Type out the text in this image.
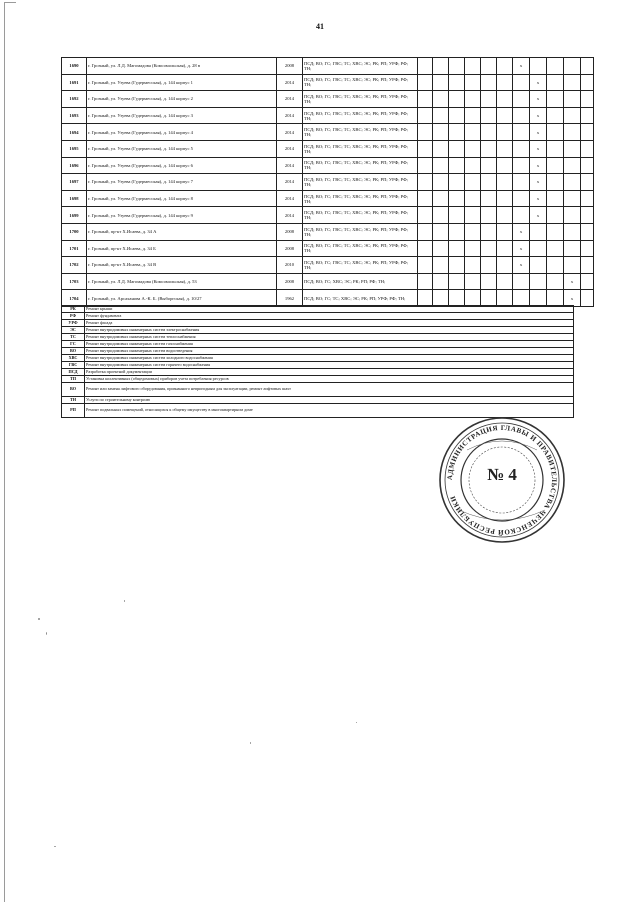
41
1690	г. Грозный, ул. Л.Д. Магомадова (Комсомольская), д. 28 в	2008	ПСД; ВО; ГС; ГВС; ТС; ХВС; ЭС; РК; РП; УРФ; РФ; ТН;							x				
1691	г. Грозный, ул. Узуева (Гудермесская), д. 144 корпус 1	2014	ПСД; ВО; ГС; ГВС; ТС; ХВС; ЭС; РК; РП; УРФ; РФ; ТН;								x			
1692	г. Грозный, ул. Узуева (Гудермесская), д. 144 корпус 2	2014	ПСД; ВО; ГС; ГВС; ТС; ХВС; ЭС; РК; РП; УРФ; РФ; ТН;								x			
1693	г. Грозный, ул. Узуева (Гудермесская), д. 144 корпус 3	2014	ПСД; ВО; ГС; ГВС; ТС; ХВС; ЭС; РК; РП; УРФ; РФ; ТН;								x			
1694	г. Грозный, ул. Узуева (Гудермесская), д. 144 корпус 4	2014	ПСД; ВО; ГС; ГВС; ТС; ХВС; ЭС; РК; РП; УРФ; РФ; ТН;								x			
1695	г. Грозный, ул. Узуева (Гудермесская), д. 144 корпус 5	2014	ПСД; ВО; ГС; ГВС; ТС; ХВС; ЭС; РК; РП; УРФ; РФ; ТН;								x			
1696	г. Грозный, ул. Узуева (Гудермесская), д. 144 корпус 6	2014	ПСД; ВО; ГС; ГВС; ТС; ХВС; ЭС; РК; РП; УРФ; РФ; ТН;								x			
1697	г. Грозный, ул. Узуева (Гудермесская), д. 144 корпус 7	2014	ПСД; ВО; ГС; ГВС; ТС; ХВС; ЭС; РК; РП; УРФ; РФ; ТН;								x			
1698	г. Грозный, ул. Узуева (Гудермесская), д. 144 корпус 8	2014	ПСД; ВО; ГС; ГВС; ТС; ХВС; ЭС; РК; РП; УРФ; РФ; ТН;								x			
1699	г. Грозный, ул. Узуева (Гудермесская), д. 144 корпус 9	2014	ПСД; ВО; ГС; ГВС; ТС; ХВС; ЭС; РК; РП; УРФ; РФ; ТН;								x			
1700	г. Грозный, пр-кт Х.Исаева, д. 34 А	2008	ПСД; ВО; ГС; ГВС; ТС; ХВС; ЭС; РК; РП; УРФ; РФ; ТН;							x				
1701	г. Грозный, пр-кт Х.Исаева, д. 34 Б	2008	ПСД; ВО; ГС; ГВС; ТС; ХВС; ЭС; РК; РП; УРФ; РФ; ТН;							x				
1702	г. Грозный, пр-кт Х.Исаева, д. 34 В	2010	ПСД; ВО; ГС; ГВС; ТС; ХВС; ЭС; РК; РП; УРФ; РФ; ТН;							x				
1703	г. Грозный, ул. Л.Д. Магомадова (Комсомольская), д. 53	2008	ПСД; ВО; ГС; ХВС; ЭС; РК; РП; РФ; ТН;										x	
1704	г. Грозный, ул. Арсаханова А.-К. Б. (Выборгская), д. 10/27	1962	ПСД; ВО; ГС; ТС; ХВС; ЭС; РК; РП; УРФ; РФ; ТН;										x	
РК	Ремонт крыши
РФ	Ремонт фундамента
УРФ	Ремонт фасада
ЭС	Ремонт внутридомовых инженерных систем электроснабжения
ТС	Ремонт внутридомовых инженерных систем теплоснабжения
ГС	Ремонт внутридомовых инженерных систем газоснабжения
ВО	Ремонт внутридомовых инженерных систем водоотведения
ХВС	Ремонт внутридомовых инженерных систем холодного водоснабжения
ГВС	Ремонт внутридомовых инженерных систем горячего водоснабжения
ПСД	Разработка проектной документации
ТП	Установка коллективных (общедомовых) приборов учета потребления ресурсов
ВО	Ремонт или замена лифтового оборудования, признанного непригодным для эксплуатации, ремонт лифтовых шахт
ТН	Услуги по строительному контролю
РП	Ремонт подвальных помещений, относящихся к общему имуществу в многоквартирном доме
АДМИНИСТРАЦИЯ ГЛАВЫ И ПРАВИТЕЛЬСТВА ЧЕЧЕНСКОЙ РЕСПУБЛИКИ
№ 4
